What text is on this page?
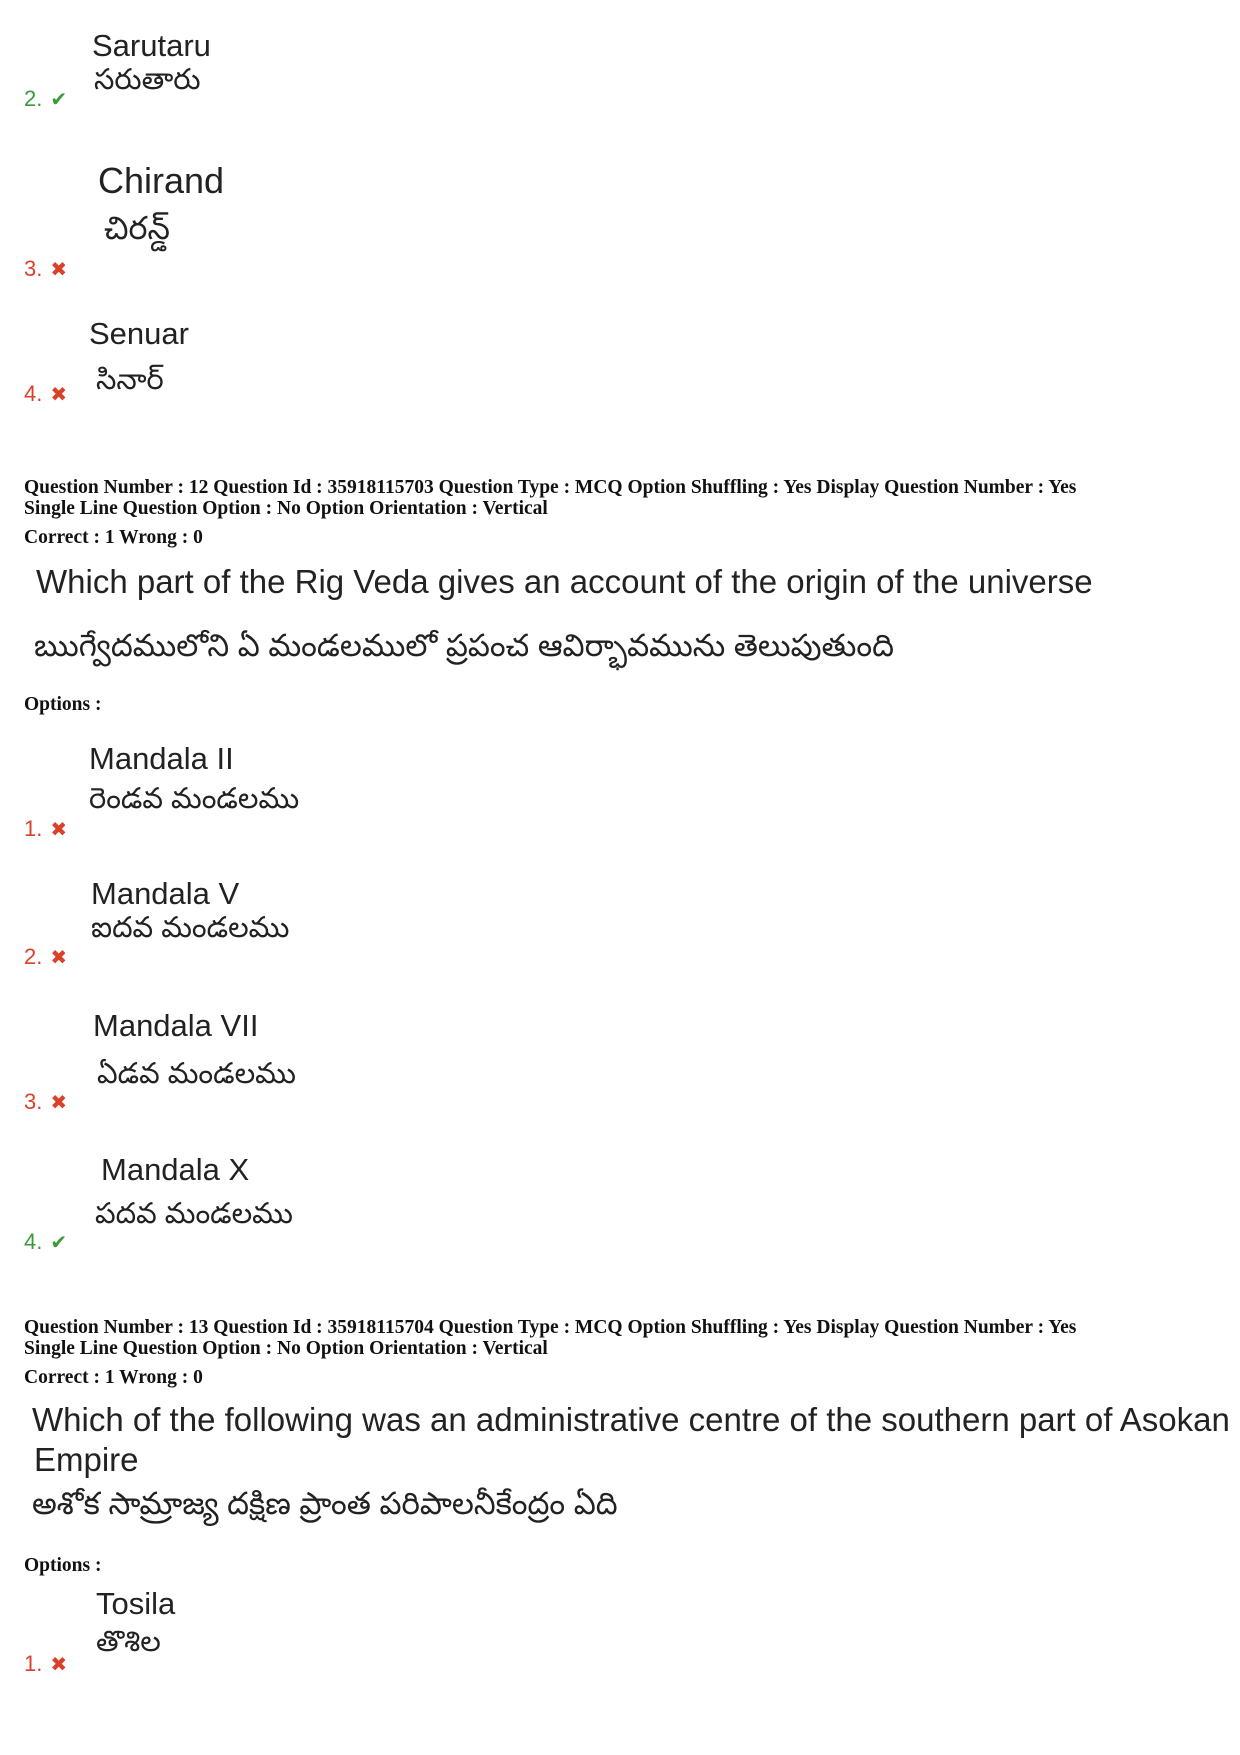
Sarutaru
సరుతారు
2. ✔
Chirand
చిరన్డ్
3. ✖
Senuar
సినార్
4. ✖
Question Number : 12 Question Id : 35918115703 Question Type : MCQ Option Shuffling : Yes Display Question Number : Yes
Single Line Question Option : No Option Orientation : Vertical
Correct : 1 Wrong : 0
Which part of the Rig Veda gives an account of the origin of the universe
ఋగ్వేదములోని ఏ మండలములో ప్రపంచ ఆవిర్భావమును తెలుపుతుంది
Options :
Mandala II
రెండవ మండలము
1. ✖
Mandala V
ఐదవ మండలము
2. ✖
Mandala VII
ఏడవ మండలము
3. ✖
Mandala X
పదవ మండలము
4. ✔
Question Number : 13 Question Id : 35918115704 Question Type : MCQ Option Shuffling : Yes Display Question Number : Yes
Single Line Question Option : No Option Orientation : Vertical
Correct : 1 Wrong : 0
Which of the following was an administrative centre of the southern part of Asokan
Empire
అశోక సామ్రాజ్య దక్షిణ ప్రాంత పరిపాలనీకేంద్రం ఏది
Options :
Tosila
తొశిల
1. ✖
